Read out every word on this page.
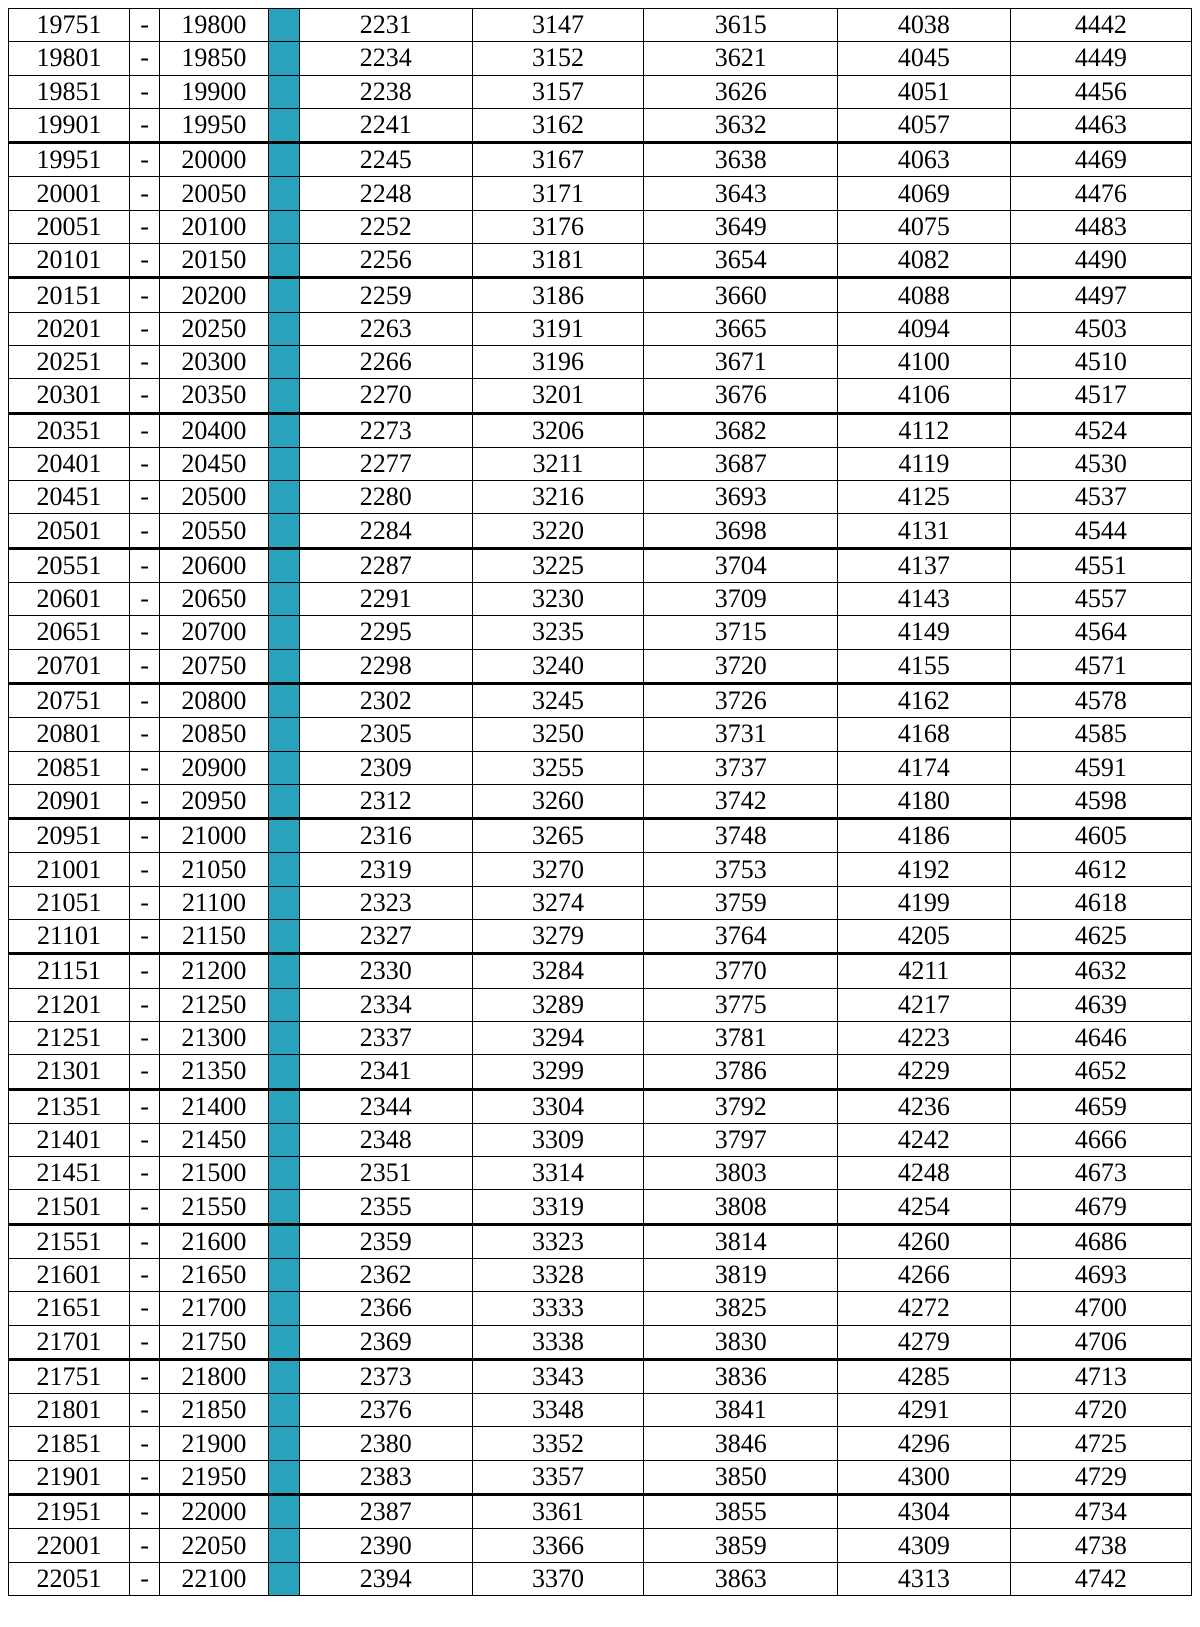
19751	-	19800		2231	3147	3615	4038	4442
19801	-	19850		2234	3152	3621	4045	4449
19851	-	19900		2238	3157	3626	4051	4456
19901	-	19950		2241	3162	3632	4057	4463
19951	-	20000		2245	3167	3638	4063	4469
20001	-	20050		2248	3171	3643	4069	4476
20051	-	20100		2252	3176	3649	4075	4483
20101	-	20150		2256	3181	3654	4082	4490
20151	-	20200		2259	3186	3660	4088	4497
20201	-	20250		2263	3191	3665	4094	4503
20251	-	20300		2266	3196	3671	4100	4510
20301	-	20350		2270	3201	3676	4106	4517
20351	-	20400		2273	3206	3682	4112	4524
20401	-	20450		2277	3211	3687	4119	4530
20451	-	20500		2280	3216	3693	4125	4537
20501	-	20550		2284	3220	3698	4131	4544
20551	-	20600		2287	3225	3704	4137	4551
20601	-	20650		2291	3230	3709	4143	4557
20651	-	20700		2295	3235	3715	4149	4564
20701	-	20750		2298	3240	3720	4155	4571
20751	-	20800		2302	3245	3726	4162	4578
20801	-	20850		2305	3250	3731	4168	4585
20851	-	20900		2309	3255	3737	4174	4591
20901	-	20950		2312	3260	3742	4180	4598
20951	-	21000		2316	3265	3748	4186	4605
21001	-	21050		2319	3270	3753	4192	4612
21051	-	21100		2323	3274	3759	4199	4618
21101	-	21150		2327	3279	3764	4205	4625
21151	-	21200		2330	3284	3770	4211	4632
21201	-	21250		2334	3289	3775	4217	4639
21251	-	21300		2337	3294	3781	4223	4646
21301	-	21350		2341	3299	3786	4229	4652
21351	-	21400		2344	3304	3792	4236	4659
21401	-	21450		2348	3309	3797	4242	4666
21451	-	21500		2351	3314	3803	4248	4673
21501	-	21550		2355	3319	3808	4254	4679
21551	-	21600		2359	3323	3814	4260	4686
21601	-	21650		2362	3328	3819	4266	4693
21651	-	21700		2366	3333	3825	4272	4700
21701	-	21750		2369	3338	3830	4279	4706
21751	-	21800		2373	3343	3836	4285	4713
21801	-	21850		2376	3348	3841	4291	4720
21851	-	21900		2380	3352	3846	4296	4725
21901	-	21950		2383	3357	3850	4300	4729
21951	-	22000		2387	3361	3855	4304	4734
22001	-	22050		2390	3366	3859	4309	4738
22051	-	22100		2394	3370	3863	4313	4742
